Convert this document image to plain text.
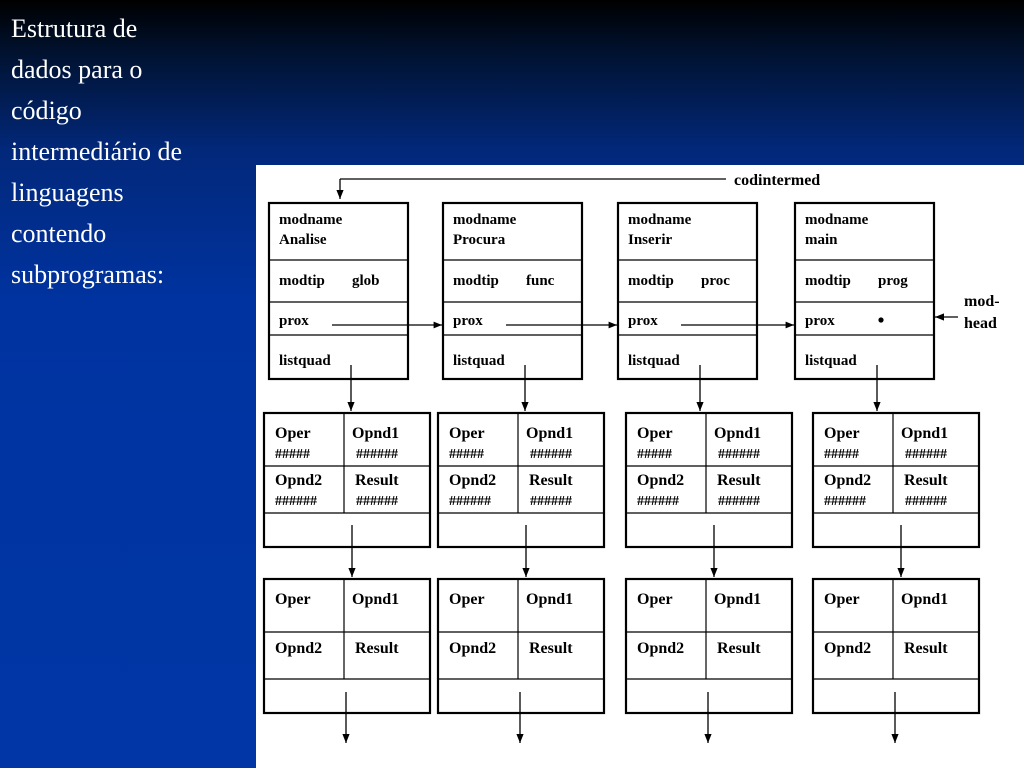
Estrutura de
dados para o
código
intermediário de
linguagens
contendo
subprogramas:
codintermed
modname
Analise
modtip glob
prox
listquad
modname
Procura
modtip func
prox
listquad
modname
Inserir
modtip proc
prox
listquad
modname
main
modtip prog
prox
listquad
mod-
head
Oper	Opnd1
#####	######
Opnd2 Result
######	######
Oper	Opnd1
Opnd2 Result
Oper	Opnd1
#####	######
Opnd2 Result
######	######
Oper	Opnd1
Opnd2 Result
Oper	Opnd1
#####	######
Opnd2 Result
######	######
Oper	Opnd1
Opnd2 Result
Oper	Opnd1
#####	######
Opnd2 Result
######	######
Oper	Opnd1
Opnd2 Result
